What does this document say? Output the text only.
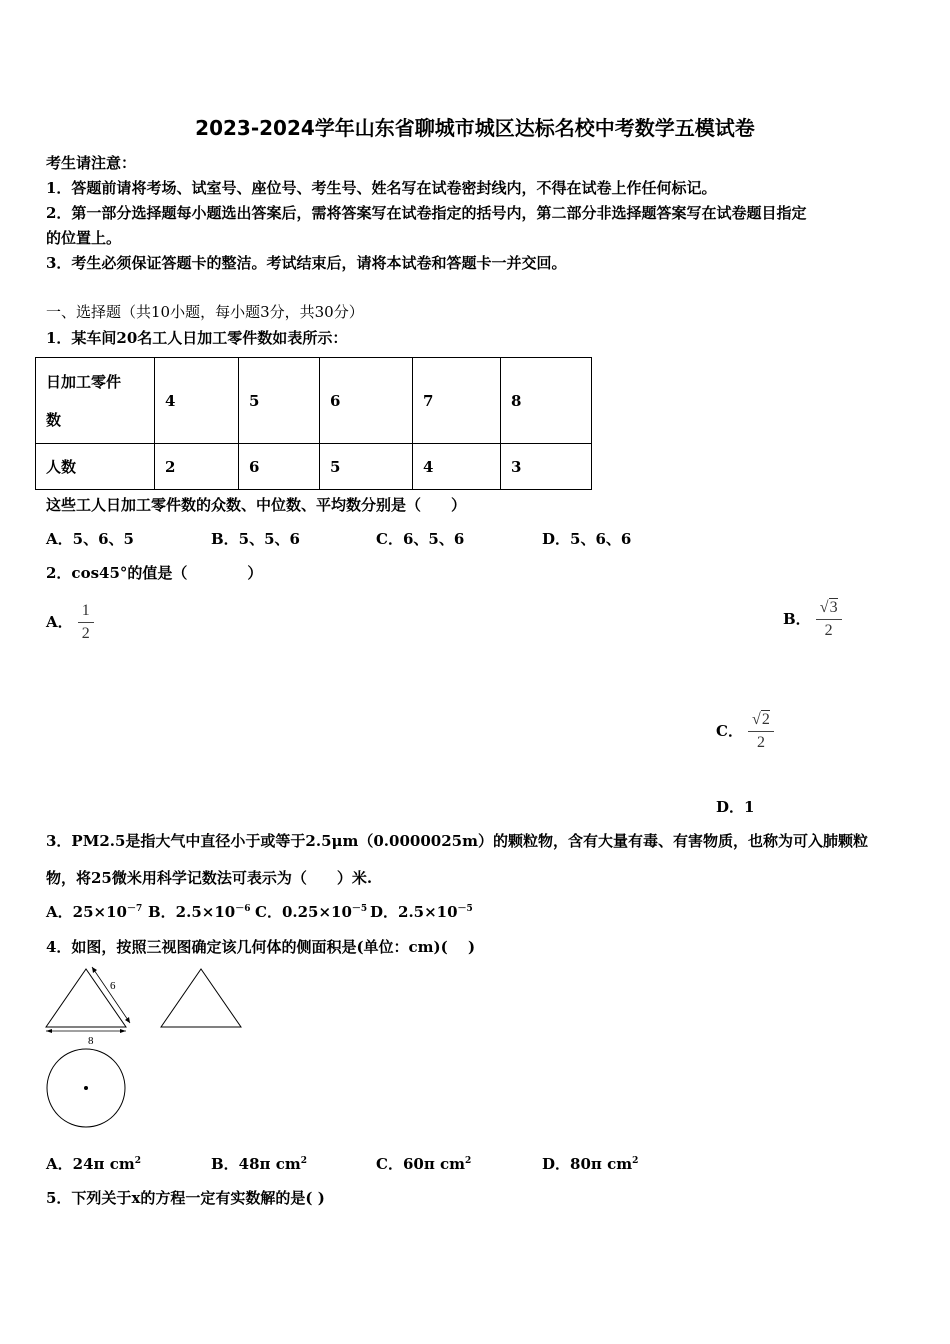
2023-2024学年山东省聊城市城区达标名校中考数学五模试卷
考生请注意：
1．答题前请将考场、试室号、座位号、考生号、姓名写在试卷密封线内，不得在试卷上作任何标记。
2．第一部分选择题每小题选出答案后，需将答案写在试卷指定的括号内，第二部分非选择题答案写在试卷题目指定
的位置上。
3．考生必须保证答题卡的整洁。考试结束后，请将本试卷和答题卡一并交回。
一、选择题（共10小题，每小题3分，共30分）
1．某车间20名工人日加工零件数如表所示：
日加工零件
数	4	5	6	7	8
人数	2	6	5	4	3
这些工人日加工零件数的众数、中位数、平均数分别是（　　）
A．5、6、5	B．5、5、6	C．6、5、6	D．5、6、6
2．cos45°的值是（　　　　）
A． $\frac{1}{2}$	B． $\frac{√3}{2}$
C． $\frac{√2}{2}$
D．1
3．PM2.5是指大气中直径小于或等于2.5μm（0.0000025m）的颗粒物，含有大量有毒、有害物质，也称为可入肺颗粒
物，将25微米用科学记数法可表示为（　　）米.
A．$25\times 10^{-7}$ B．$2.5\times 10^{-6}$ C．$0.25\times 10^{-5}$ D．$2.5\times 10^{-5}$
4．如图，按照三视图确定该几何体的侧面积是(单位：cm)(　 )
6
8
A．24π $cm^2$	B．48π $cm^2$	C．60π $cm^2$	D．80π $cm^2$
5．下列关于x的方程一定有实数解的是( )
